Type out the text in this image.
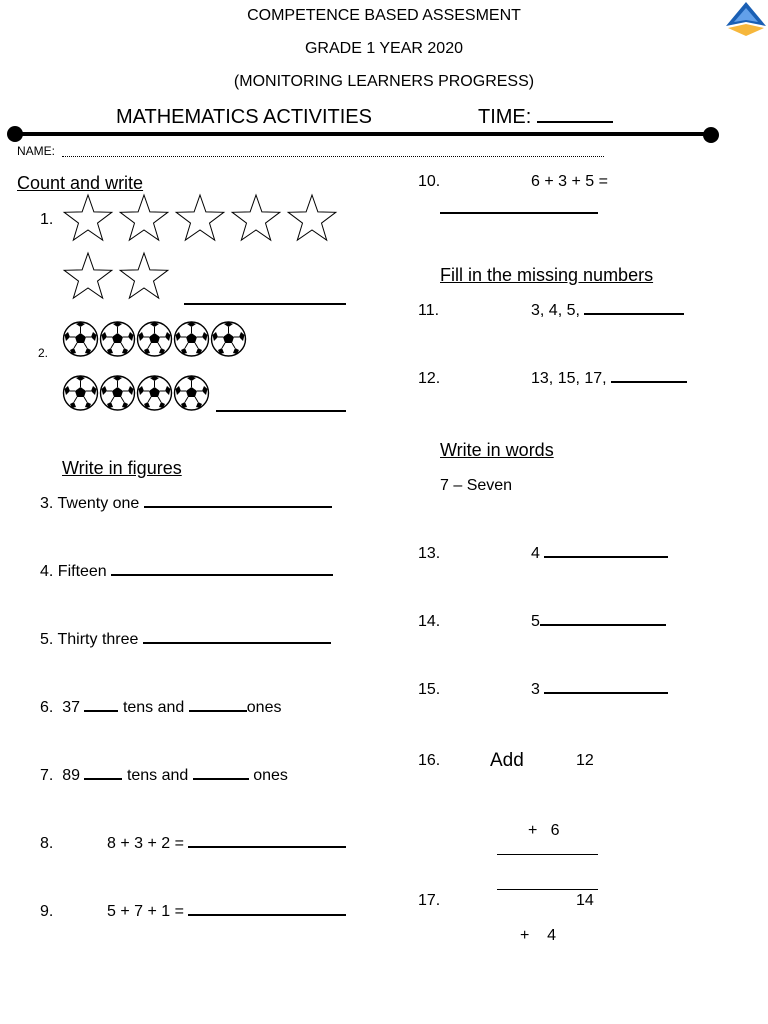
COMPETENCE BASED ASSESMENT
GRADE 1 YEAR 2020
(MONITORING LEARNERS PROGRESS)
MATHEMATICS ACTIVITIES	TIME:
NAME:
Count and write
1.
2.
Write in figures
3. Twenty one
4. Fifteen
5. Thirty three
6. 37	tens and	ones
7. 89	tens and	ones
8.	8 + 3 + 2 =
9.	5 + 7 + 1 =
10.	6 + 3 + 5 =
Fill in the missing numbers
11.	3, 4, 5,
12.	13, 15, 17,
Write in words
7 – Seven
13.	4
14.	5
15.	3
16.	Add	12
+   6
17.	14
+    4
